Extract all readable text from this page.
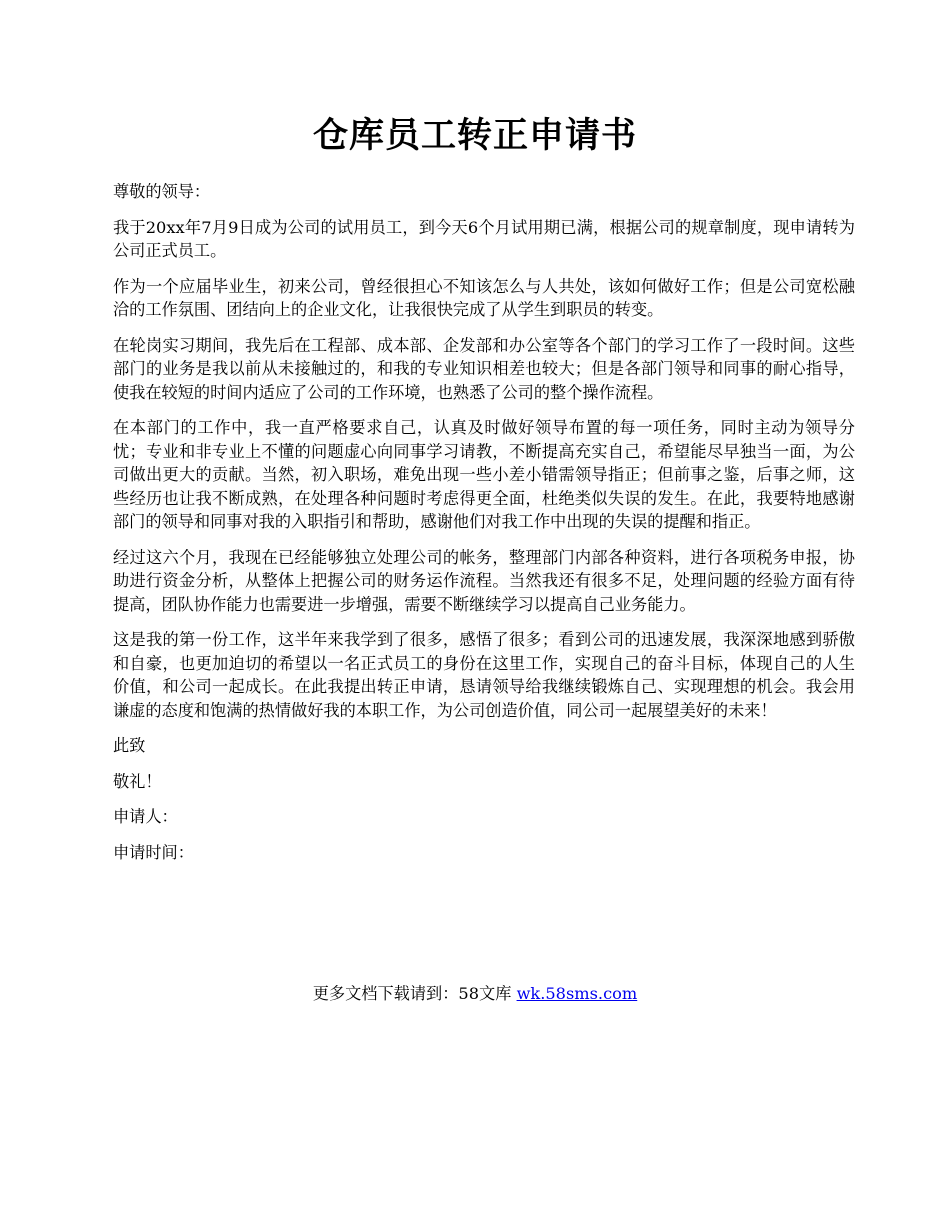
仓库员工转正申请书

尊敬的领导：

我于20xx年7月9日成为公司的试用员工，到今天6个月试用期已满，根据公司的规章制度，现申请转为公司正式员工。

作为一个应届毕业生，初来公司，曾经很担心不知该怎么与人共处，该如何做好工作；但是公司宽松融洽的工作氛围、团结向上的企业文化，让我很快完成了从学生到职员的转变。

在轮岗实习期间，我先后在工程部、成本部、企发部和办公室等各个部门的学习工作了一段时间。这些部门的业务是我以前从未接触过的，和我的专业知识相差也较大；但是各部门领导和同事的耐心指导，使我在较短的时间内适应了公司的工作环境，也熟悉了公司的整个操作流程。

在本部门的工作中，我一直严格要求自己，认真及时做好领导布置的每一项任务，同时主动为领导分忧；专业和非专业上不懂的问题虚心向同事学习请教，不断提高充实自己，希望能尽早独当一面，为公司做出更大的贡献。当然，初入职场，难免出现一些小差小错需领导指正；但前事之鉴，后事之师，这些经历也让我不断成熟，在处理各种问题时考虑得更全面，杜绝类似失误的发生。在此，我要特地感谢部门的领导和同事对我的入职指引和帮助，感谢他们对我工作中出现的失误的提醒和指正。

经过这六个月，我现在已经能够独立处理公司的帐务，整理部门内部各种资料，进行各项税务申报，协助进行资金分析，从整体上把握公司的财务运作流程。当然我还有很多不足，处理问题的经验方面有待提高，团队协作能力也需要进一步增强，需要不断继续学习以提高自己业务能力。

这是我的第一份工作，这半年来我学到了很多，感悟了很多；看到公司的迅速发展，我深深地感到骄傲和自豪，也更加迫切的希望以一名正式员工的身份在这里工作，实现自己的奋斗目标，体现自己的人生价值，和公司一起成长。在此我提出转正申请，恳请领导给我继续锻炼自己、实现理想的机会。我会用谦虚的态度和饱满的热情做好我的本职工作，为公司创造价值，同公司一起展望美好的未来！

此致

敬礼！

申请人：

申请时间：

更多文档下载请到：58文库 wk.58sms.com
